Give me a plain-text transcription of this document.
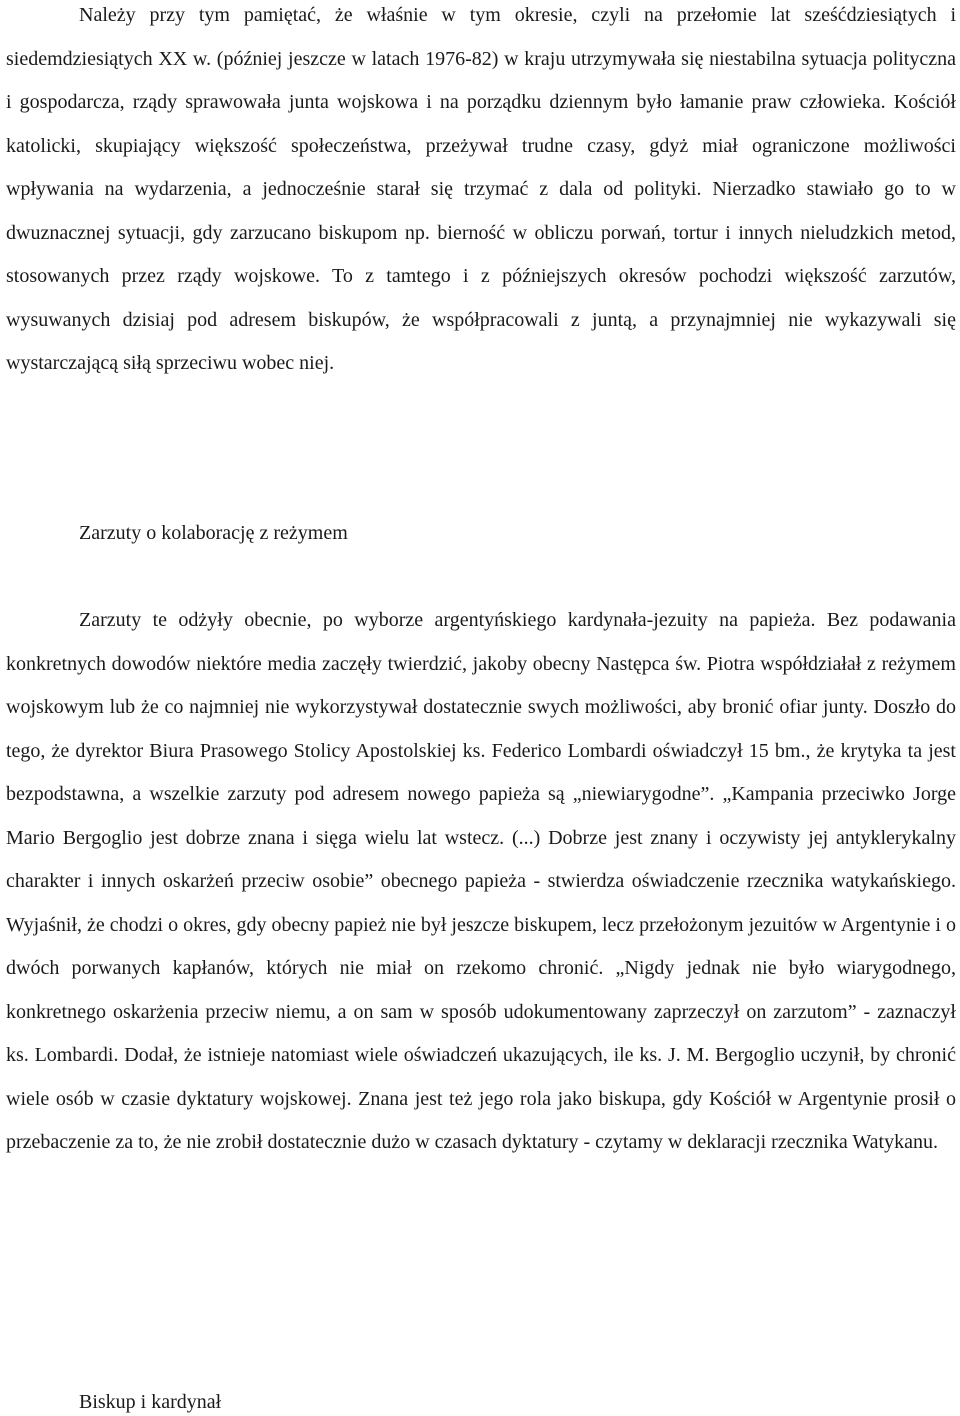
Należy przy tym pamiętać, że właśnie w tym okresie, czyli na przełomie lat sześćdziesiątych i siedemdziesiątych XX w. (później jeszcze w latach 1976-82) w kraju utrzymywała się niestabilna sytuacja polityczna i gospodarcza, rządy sprawowała junta wojskowa i na porządku dziennym było łamanie praw człowieka. Kościół katolicki, skupiający większość społeczeństwa, przeżywał trudne czasy, gdyż miał ograniczone możliwości wpływania na wydarzenia, a jednocześnie starał się trzymać z dala od polityki. Nierzadko stawiało go to w dwuznacznej sytuacji, gdy zarzucano biskupom np. bierność w obliczu porwań, tortur i innych nieludzkich metod, stosowanych przez rządy wojskowe. To z tamtego i z późniejszych okresów pochodzi większość zarzutów, wysuwanych dzisiaj pod adresem biskupów, że współpracowali z juntą, a przynajmniej nie wykazywali się wystarczającą siłą sprzeciwu wobec niej.

Zarzuty o kolaborację z reżymem

Zarzuty te odżyły obecnie, po wyborze argentyńskiego kardynała-jezuity na papieża. Bez podawania konkretnych dowodów niektóre media zaczęły twierdzić, jakoby obecny Następca św. Piotra współdziałał z reżymem wojskowym lub że co najmniej nie wykorzystywał dostatecznie swych możliwości, aby bronić ofiar junty. Doszło do tego, że dyrektor Biura Prasowego Stolicy Apostolskiej ks. Federico Lombardi oświadczył 15 bm., że krytyka ta jest bezpodstawna, a wszelkie zarzuty pod adresem nowego papieża są „niewiarygodne”. „Kampania przeciwko Jorge Mario Bergoglio jest dobrze znana i sięga wielu lat wstecz. (...) Dobrze jest znany i oczywisty jej antyklerykalny charakter i innych oskarżeń przeciw osobie” obecnego papieża - stwierdza oświadczenie rzecznika watykańskiego. Wyjaśnił, że chodzi o okres, gdy obecny papież nie był jeszcze biskupem, lecz przełożonym jezuitów w Argentynie i o dwóch porwanych kapłanów, których nie miał on rzekomo chronić. „Nigdy jednak nie było wiarygodnego, konkretnego oskarżenia przeciw niemu, a on sam w sposób udokumentowany zaprzeczył on zarzutom” - zaznaczył ks. Lombardi. Dodał, że istnieje natomiast wiele oświadczeń ukazujących, ile ks. J. M. Bergoglio uczynił, by chronić wiele osób w czasie dyktatury wojskowej. Znana jest też jego rola jako biskupa, gdy Kościół w Argentynie prosił o przebaczenie za to, że nie zrobił dostatecznie dużo w czasach dyktatury - czytamy w deklaracji rzecznika Watykanu.

Biskup i kardynał
